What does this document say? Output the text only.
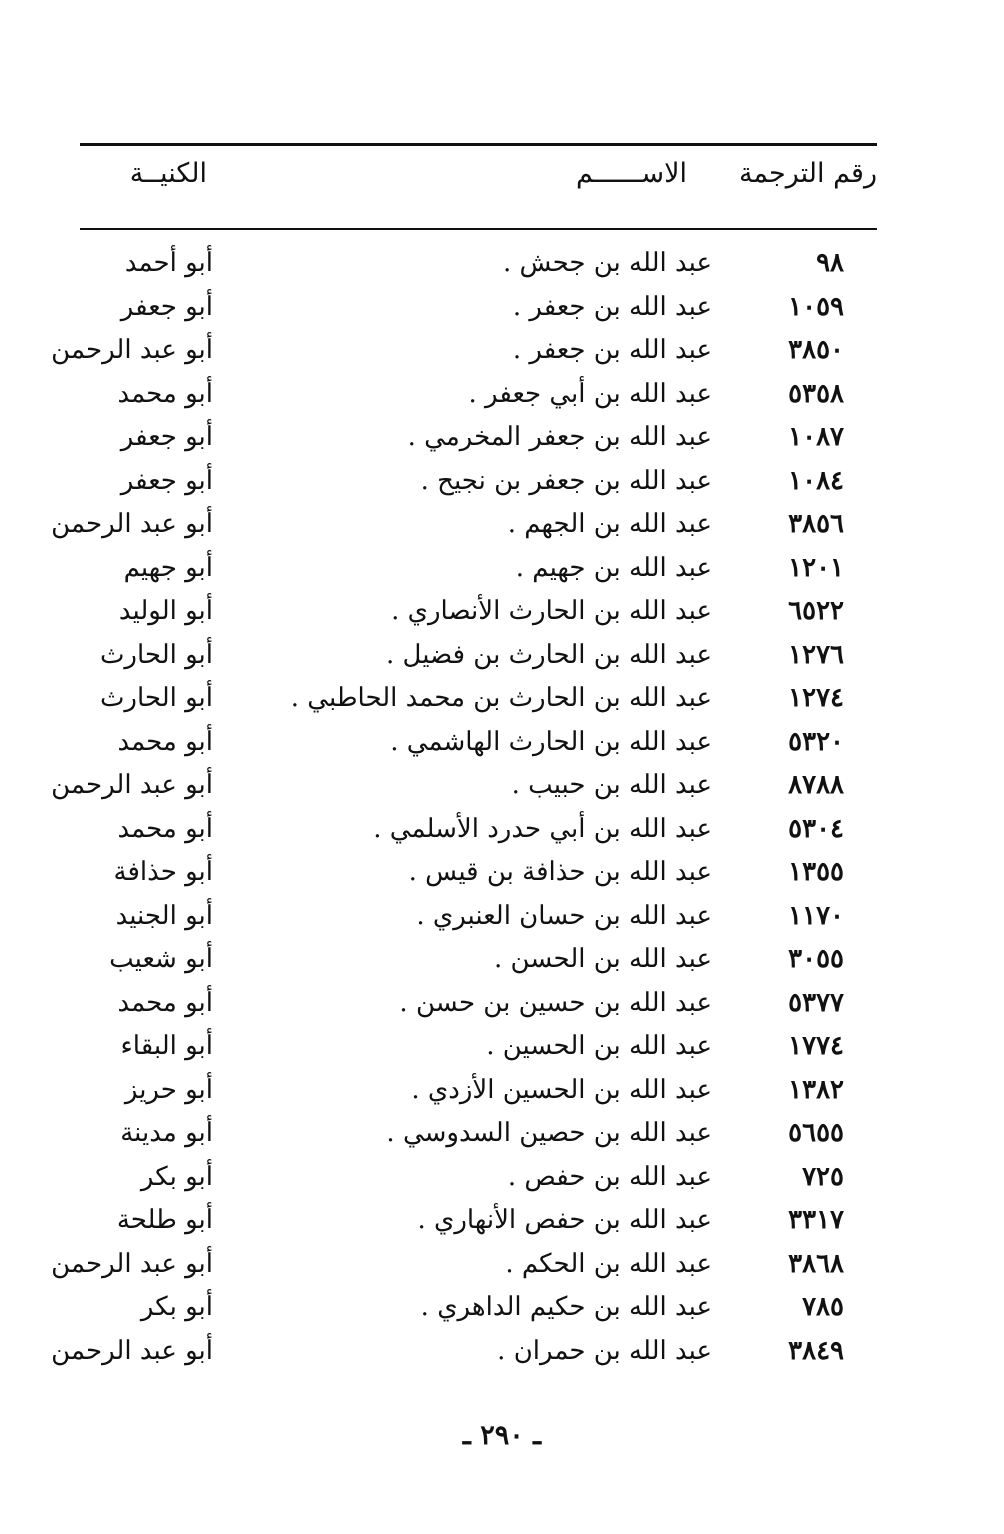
رقم الترجمة
الاســــــم
الكنيــة
٩٨
عبد الله بن جحش .
أبو أحمد
١٠٥٩
عبد الله بن جعفر .
أبو جعفر
٣٨٥٠
عبد الله بن جعفر .
أبو عبد الرحمن
٥٣٥٨
عبد الله بن أبي جعفر .
أبو محمد
١٠٨٧
عبد الله بن جعفر المخرمي .
أبو جعفر
١٠٨٤
عبد الله بن جعفر بن نجيح .
أبو جعفر
٣٨٥٦
عبد الله بن الجهم .
أبو عبد الرحمن
١٢٠١
عبد الله بن جهيم .
أبو جهيم
٦٥٢٢
عبد الله بن الحارث الأنصاري .
أبو الوليد
١٢٧٦
عبد الله بن الحارث بن فضيل .
أبو الحارث
١٢٧٤
عبد الله بن الحارث بن محمد الحاطبي .
أبو الحارث
٥٣٢٠
عبد الله بن الحارث الهاشمي .
أبو محمد
٨٧٨٨
عبد الله بن حبيب .
أبو عبد الرحمن
٥٣٠٤
عبد الله بن أبي حدرد الأسلمي .
أبو محمد
١٣٥٥
عبد الله بن حذافة بن قيس .
أبو حذافة
١١٧٠
عبد الله بن حسان العنبري .
أبو الجنيد
٣٠٥٥
عبد الله بن الحسن .
أبو شعيب
٥٣٧٧
عبد الله بن حسين بن حسن .
أبو محمد
١٧٧٤
عبد الله بن الحسين .
أبو البقاء
١٣٨٢
عبد الله بن الحسين الأزدي .
أبو حريز
٥٦٥٥
عبد الله بن حصين السدوسي .
أبو مدينة
٧٢٥
عبد الله بن حفص .
أبو بكر
٣٣١٧
عبد الله بن حفص الأنهاري .
أبو طلحة
٣٨٦٨
عبد الله بن الحكم .
أبو عبد الرحمن
٧٨٥
عبد الله بن حكيم الداهري .
أبو بكر
٣٨٤٩
عبد الله بن حمران .
أبو عبد الرحمن
ـ ٢٩٠ ـ
